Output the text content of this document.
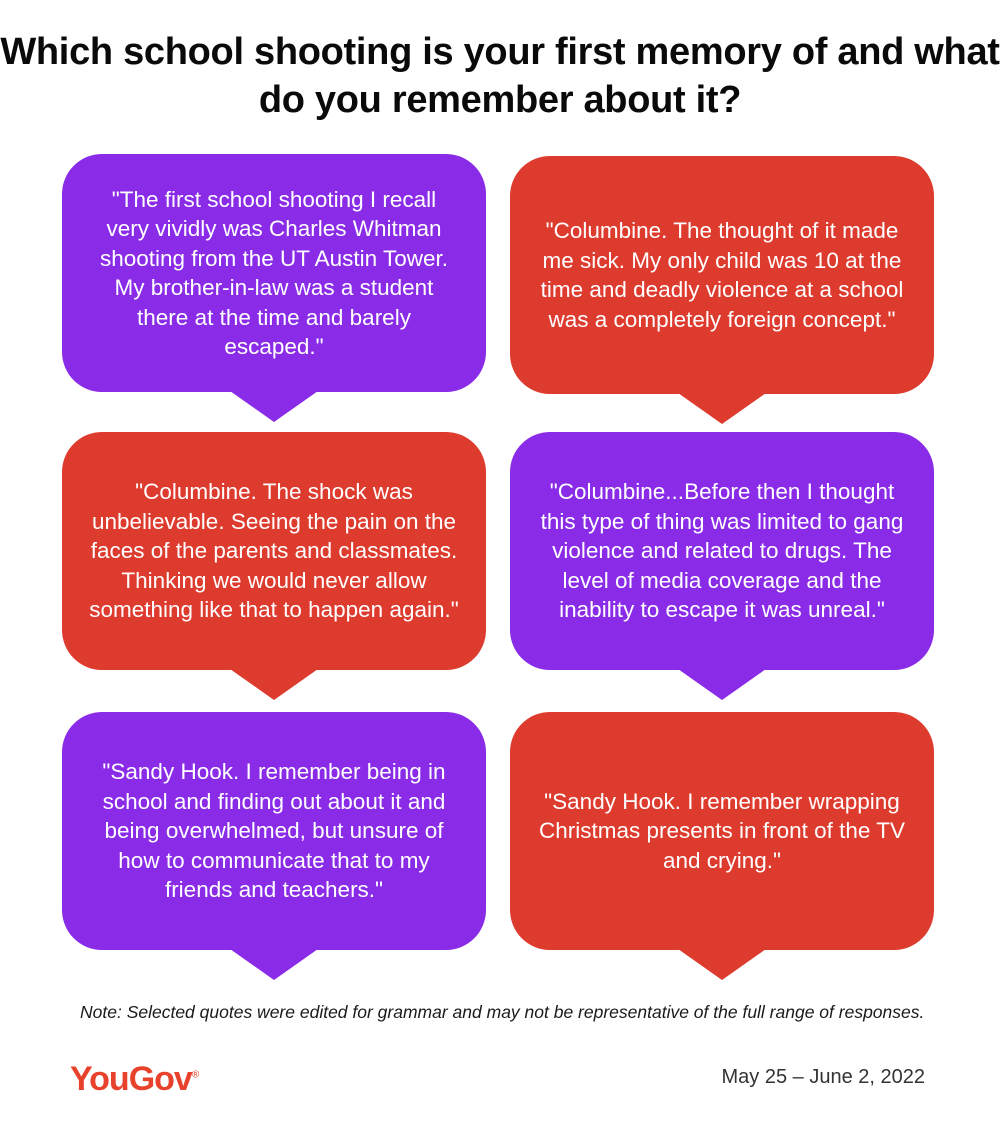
Which school shooting is your first memory of and what do you remember about it?
"The first school shooting I recall very vividly was Charles Whitman shooting from the UT Austin Tower. My brother-in-law was a student there at the time and barely escaped."
"Columbine. The thought of it made me sick. My only child was 10 at the time and deadly violence at a school was a completely foreign concept."
"Columbine. The shock was unbelievable. Seeing the pain on the faces of the parents and classmates. Thinking we would never allow something like that to happen again."
"Columbine...Before then I thought this type of thing was limited to gang violence and related to drugs. The level of media coverage and the inability to escape it was unreal."
"Sandy Hook. I remember being in school and finding out about it and being overwhelmed, but unsure of how to communicate that to my friends and teachers."
"Sandy Hook. I remember wrapping Christmas presents in front of the TV and crying."
Note: Selected quotes were edited for grammar and may not be representative of the full range of responses.
YouGov®	May 25 – June 2, 2022
